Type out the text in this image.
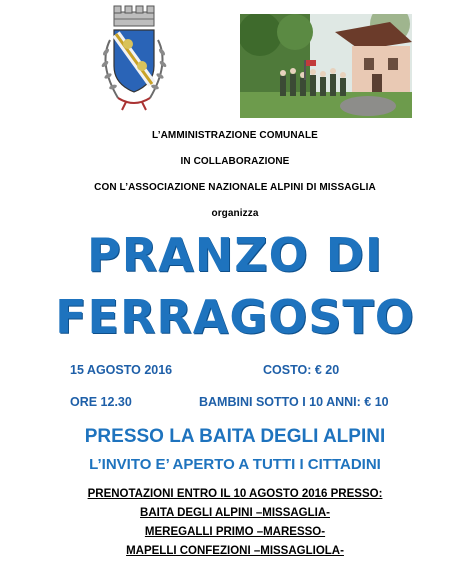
L’AMMINISTRAZIONE COMUNALE
IN COLLABORAZIONE
CON L’ASSOCIAZIONE NAZIONALE ALPINI DI MISSAGLIA
organizza
PRANZO DI
FERRAGOSTO
15 AGOSTO 2016	COSTO: € 20
ORE 12.30	BAMBINI SOTTO I 10 ANNI: € 10
PRESSO LA BAITA DEGLI ALPINI
L’INVITO E’ APERTO A TUTTI I CITTADINI
PRENOTAZIONI ENTRO IL 10 AGOSTO 2016 PRESSO:
BAITA DEGLI ALPINI –MISSAGLIA-
MEREGALLI PRIMO –MARESSO-
MAPELLI CONFEZIONI –MISSAGLIOLA-
